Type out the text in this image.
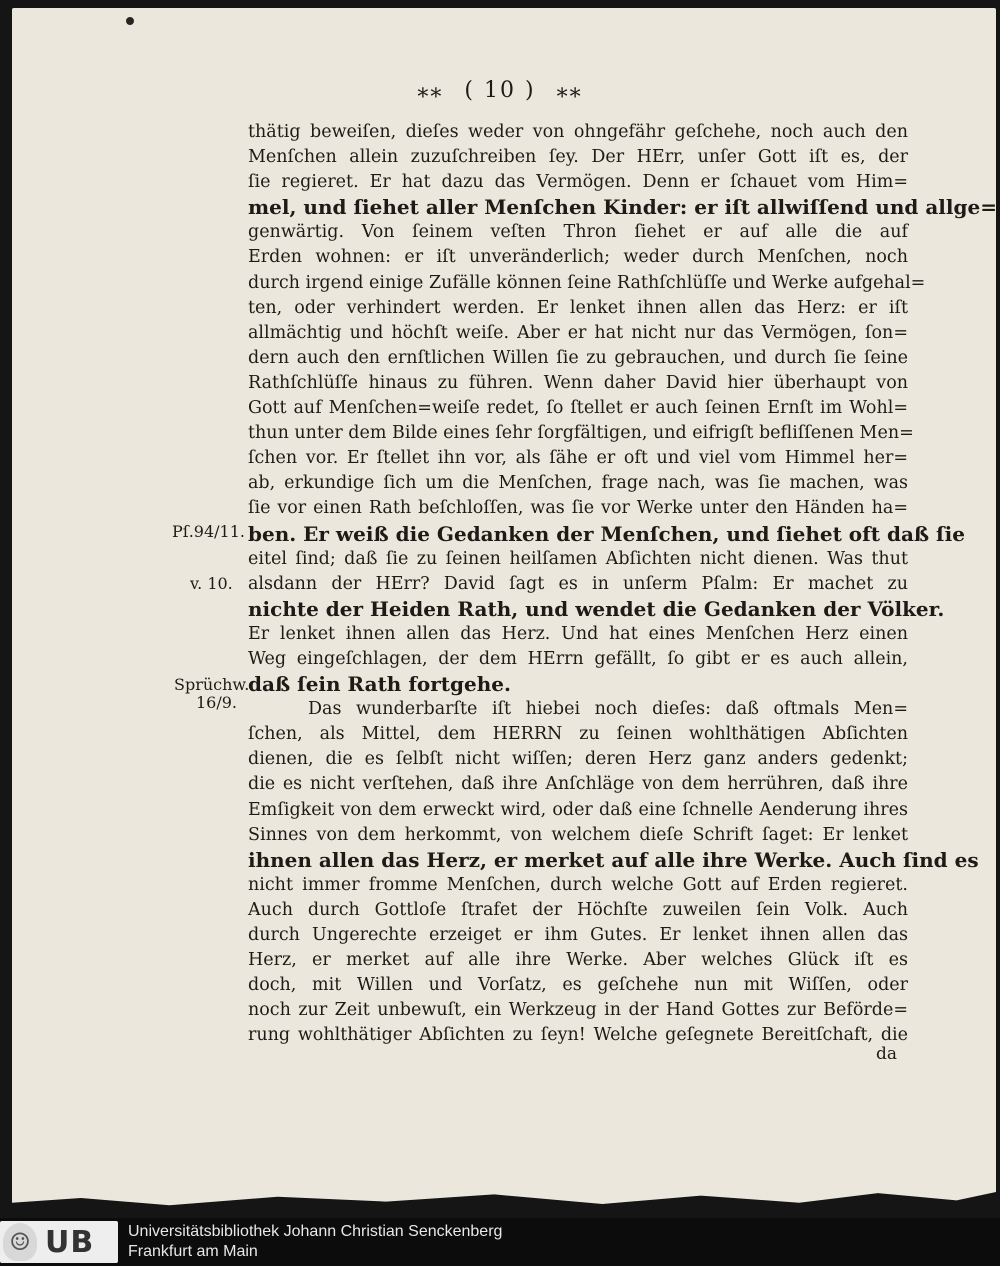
⁎⁎ ( 10 ) ⁎⁎
Pſ.94/11.
v. 10.
Sprüchw.
16/9.
thätig beweiſen, dieſes weder von ohngefähr geſchehe, noch auch den
Menſchen allein zuzuſchreiben ſey. Der HErr, unſer Gott iſt es, der
ſie regieret. Er hat dazu das Vermögen. Denn er ſchauet vom Him=
mel, und ſiehet aller Menſchen Kinder: er iſt allwiſſend und allge=
genwärtig. Von ſeinem veſten Thron ſiehet er auf alle die auf
Erden wohnen: er iſt unveränderlich; weder durch Menſchen, noch
durch irgend einige Zufälle können ſeine Rathſchlüſſe und Werke aufgehal=
ten, oder verhindert werden. Er lenket ihnen allen das Herz: er iſt
allmächtig und höchſt weiſe. Aber er hat nicht nur das Vermögen, ſon=
dern auch den ernſtlichen Willen ſie zu gebrauchen, und durch ſie ſeine
Rathſchlüſſe hinaus zu führen. Wenn daher David hier überhaupt von
Gott auf Menſchen=weiſe redet, ſo ſtellet er auch ſeinen Ernſt im Wohl=
thun unter dem Bilde eines ſehr ſorgfältigen, und eifrigſt befliſſenen Men=
ſchen vor. Er ſtellet ihn vor, als ſähe er oft und viel vom Himmel her=
ab, erkundige ſich um die Menſchen, frage nach, was ſie machen, was
ſie vor einen Rath beſchloſſen, was ſie vor Werke unter den Händen ha=
ben. Er weiß die Gedanken der Menſchen, und ſiehet oft daß ſie
eitel ſind; daß ſie zu ſeinen heilſamen Abſichten nicht dienen. Was thut
alsdann der HErr? David ſagt es in unſerm Pſalm: Er machet zu
nichte der Heiden Rath, und wendet die Gedanken der Völker.
Er lenket ihnen allen das Herz. Und hat eines Menſchen Herz einen
Weg eingeſchlagen, der dem HErrn gefällt, ſo gibt er es auch allein,
daß ſein Rath fortgehe.
Das wunderbarſte iſt hiebei noch dieſes: daß oftmals Men=
ſchen, als Mittel, dem HERRN zu ſeinen wohlthätigen Abſichten
dienen, die es ſelbſt nicht wiſſen; deren Herz ganz anders gedenkt;
die es nicht verſtehen, daß ihre Anſchläge von dem herrühren, daß ihre
Emſigkeit von dem erweckt wird, oder daß eine ſchnelle Aenderung ihres
Sinnes von dem herkommt, von welchem dieſe Schrift ſaget: Er lenket
ihnen allen das Herz, er merket auf alle ihre Werke. Auch ſind es
nicht immer fromme Menſchen, durch welche Gott auf Erden regieret.
Auch durch Gottloſe ſtrafet der Höchſte zuweilen ſein Volk. Auch
durch Ungerechte erzeiget er ihm Gutes. Er lenket ihnen allen das
Herz, er merket auf alle ihre Werke. Aber welches Glück iſt es
doch, mit Willen und Vorſatz, es geſchehe nun mit Wiſſen, oder
noch zur Zeit unbewuſt, ein Werkzeug in der Hand Gottes zur Beförde=
rung wohlthätiger Abſichten zu ſeyn! Welche geſegnete Bereitſchaft, die
da
☺ UB Universitätsbibliothek Johann Christian Senckenberg
Frankfurt am Main
